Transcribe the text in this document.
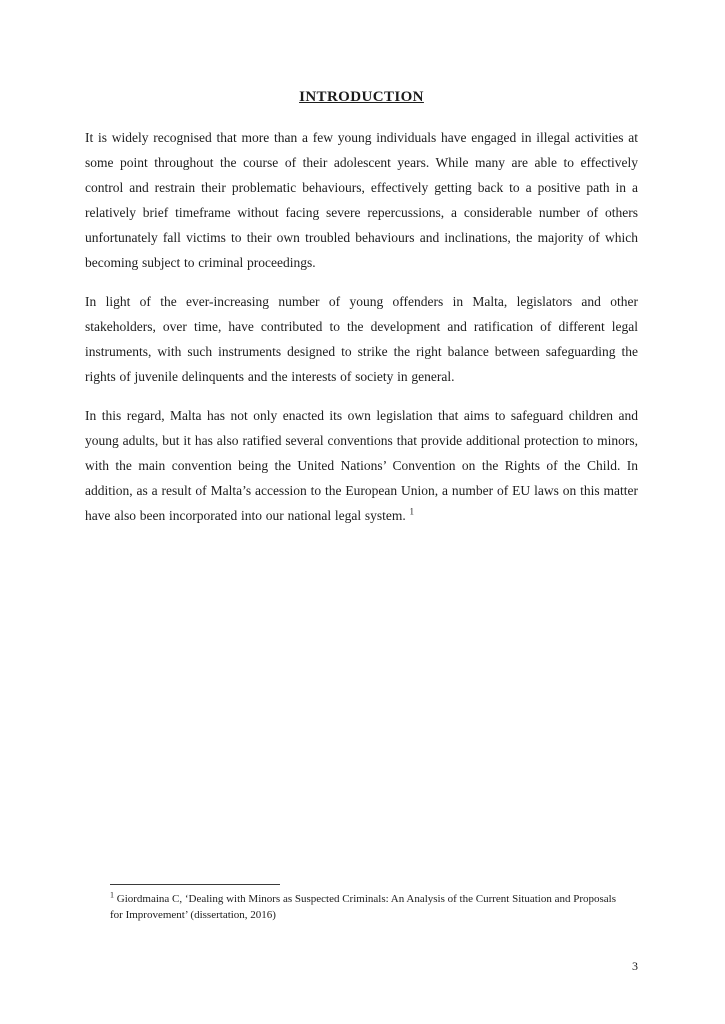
INTRODUCTION

It is widely recognised that more than a few young individuals have engaged in illegal activities at some point throughout the course of their adolescent years. While many are able to effectively control and restrain their problematic behaviours, effectively getting back to a positive path in a relatively brief timeframe without facing severe repercussions, a considerable number of others unfortunately fall victims to their own troubled behaviours and inclinations, the majority of which becoming subject to criminal proceedings.

In light of the ever-increasing number of young offenders in Malta, legislators and other stakeholders, over time, have contributed to the development and ratification of different legal instruments, with such instruments designed to strike the right balance between safeguarding the rights of juvenile delinquents and the interests of society in general.

In this regard, Malta has not only enacted its own legislation that aims to safeguard children and young adults, but it has also ratified several conventions that provide additional protection to minors, with the main convention being the United Nations’ Convention on the Rights of the Child. In addition, as a result of Malta’s accession to the European Union, a number of EU laws on this matter have also been incorporated into our national legal system. $^1$

$^1$ Giordmaina C, ‘Dealing with Minors as Suspected Criminals: An Analysis of the Current Situation and Proposals for Improvement’ (dissertation, 2016)
3
